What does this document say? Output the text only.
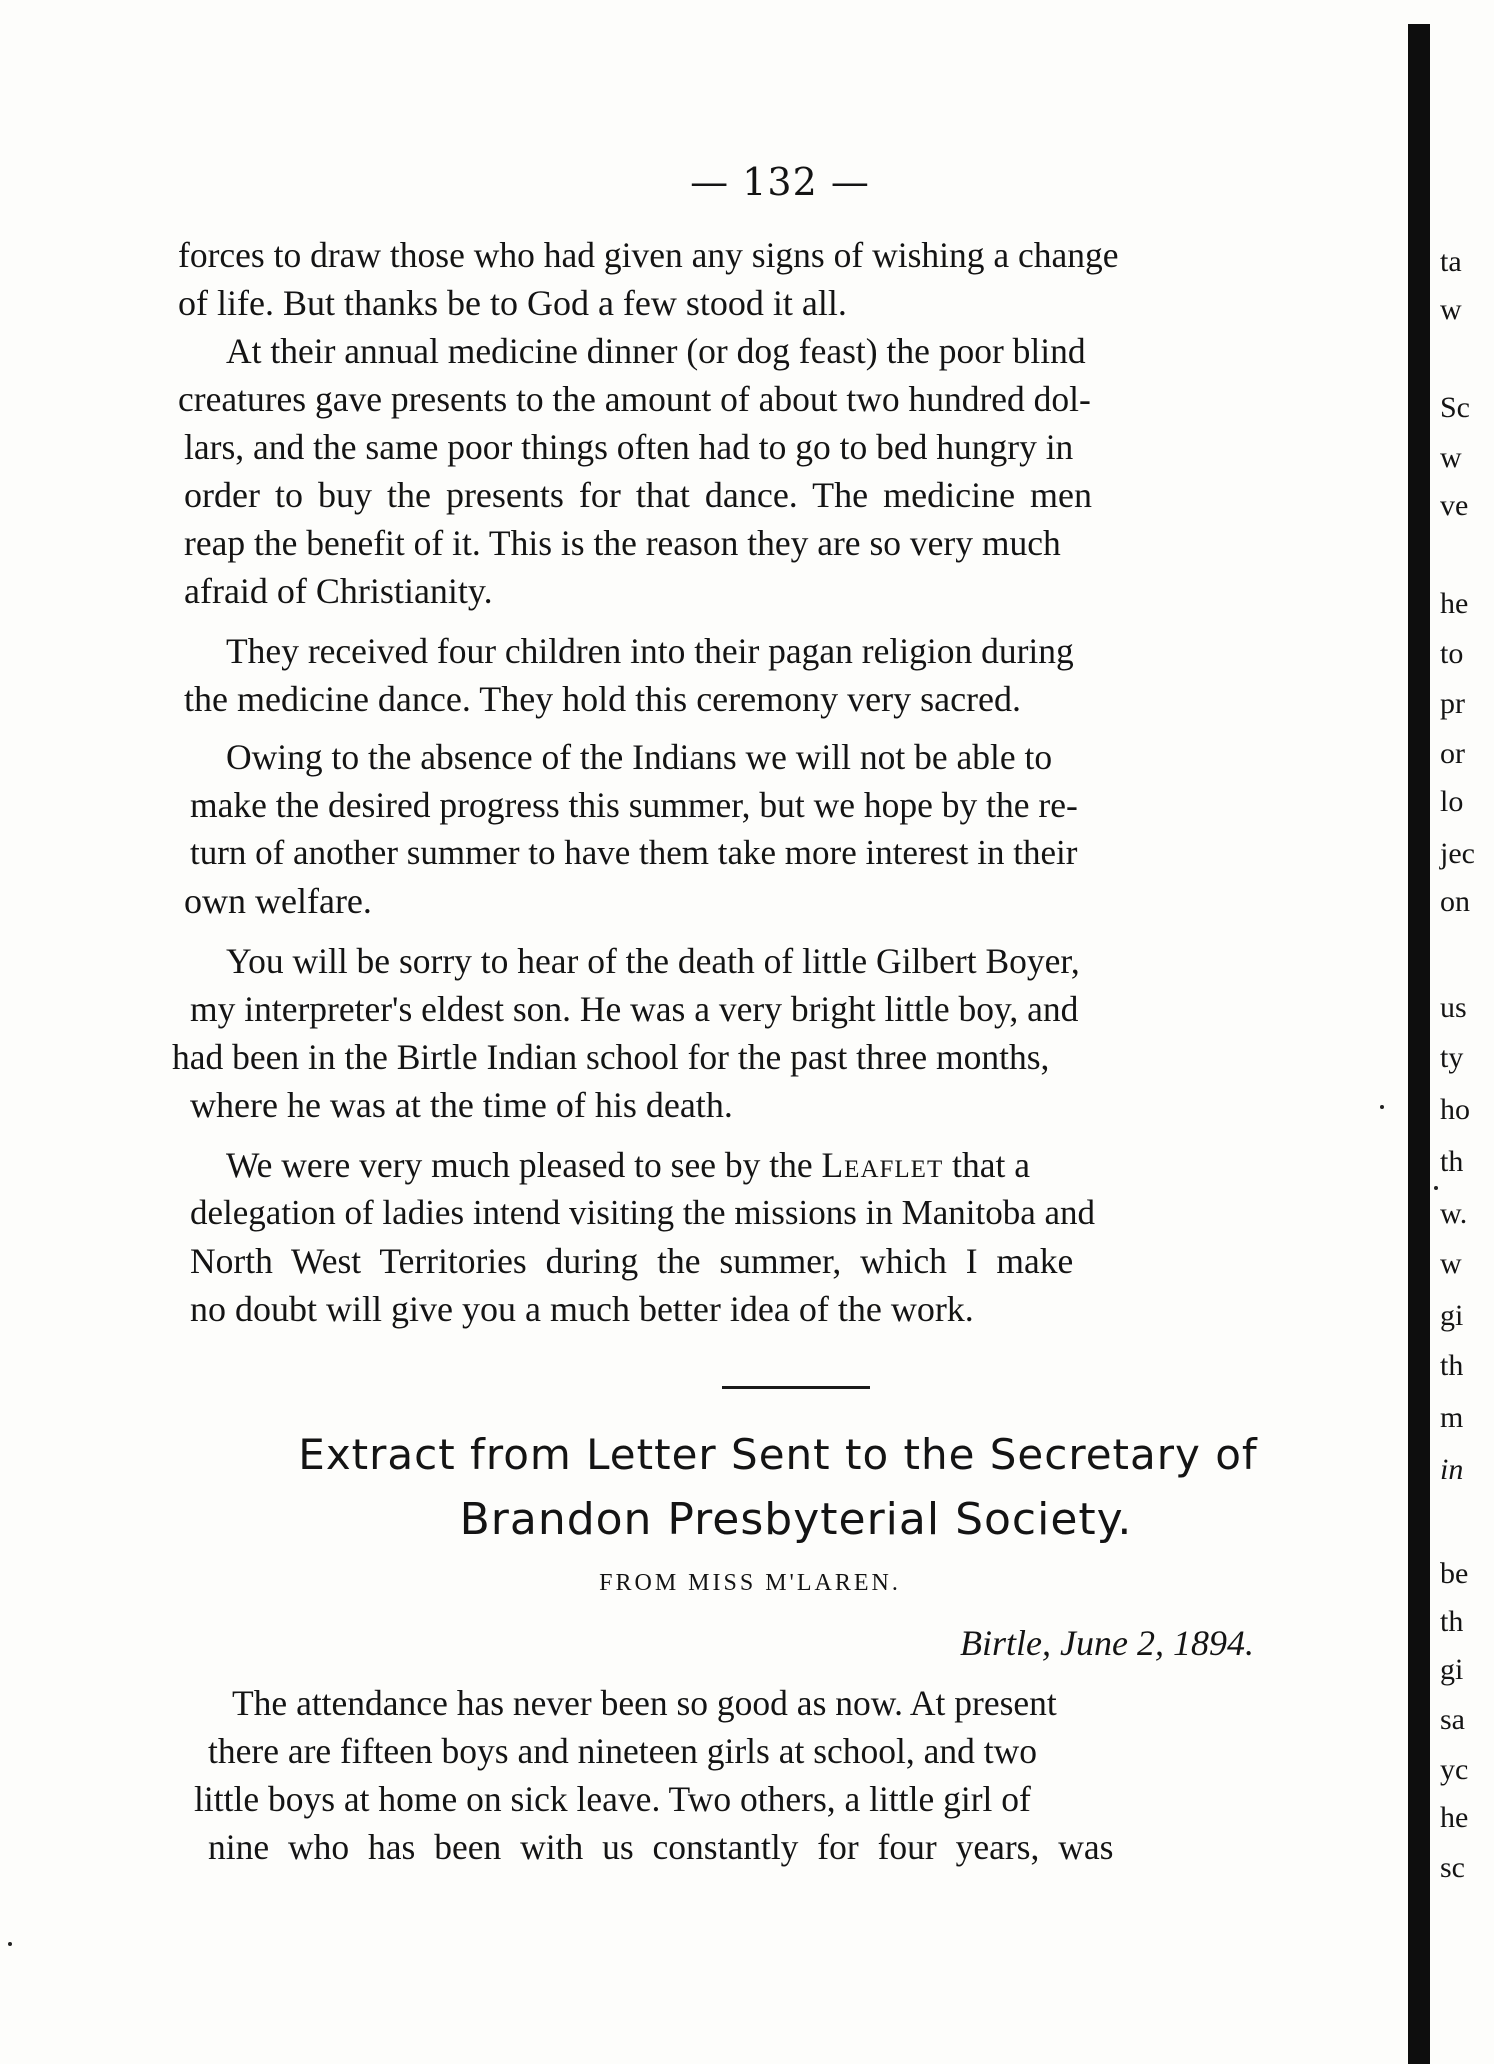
— 132 —
forces to draw those who had given any signs of wishing a change
of life. But thanks be to God a few stood it all.
At their annual medicine dinner (or dog feast) the poor blind
creatures gave presents to the amount of about two hundred dol-
lars, and the same poor things often had to go to bed hungry in
order to buy the presents for that dance. The medicine men
reap the benefit of it. This is the reason they are so very much
afraid of Christianity.
They received four children into their pagan religion during
the medicine dance. They hold this ceremony very sacred.
Owing to the absence of the Indians we will not be able to
make the desired progress this summer, but we hope by the re-
turn of another summer to have them take more interest in their
own welfare.
You will be sorry to hear of the death of little Gilbert Boyer,
my interpreter's eldest son. He was a very bright little boy, and
had been in the Birtle Indian school for the past three months,
where he was at the time of his death.
We were very much pleased to see by the Leaflet that a
delegation of ladies intend visiting the missions in Manitoba and
North West Territories during the summer, which I make
no doubt will give you a much better idea of the work.
Extract from Letter Sent to the Secretary of
Brandon Presbyterial Society.
FROM MISS M'LAREN.
Birtle, June 2, 1894.
The attendance has never been so good as now. At present
there are fifteen boys and nineteen girls at school, and two
little boys at home on sick leave. Two others, a little girl of
nine who has been with us constantly for four years, was
ta
w
Sc
w
ve
he
to
pr
or
lo
jec
on
us
ty
ho
th
w.
w
gi
th
m
in
be
th
gi
sa
yc
he
sc
